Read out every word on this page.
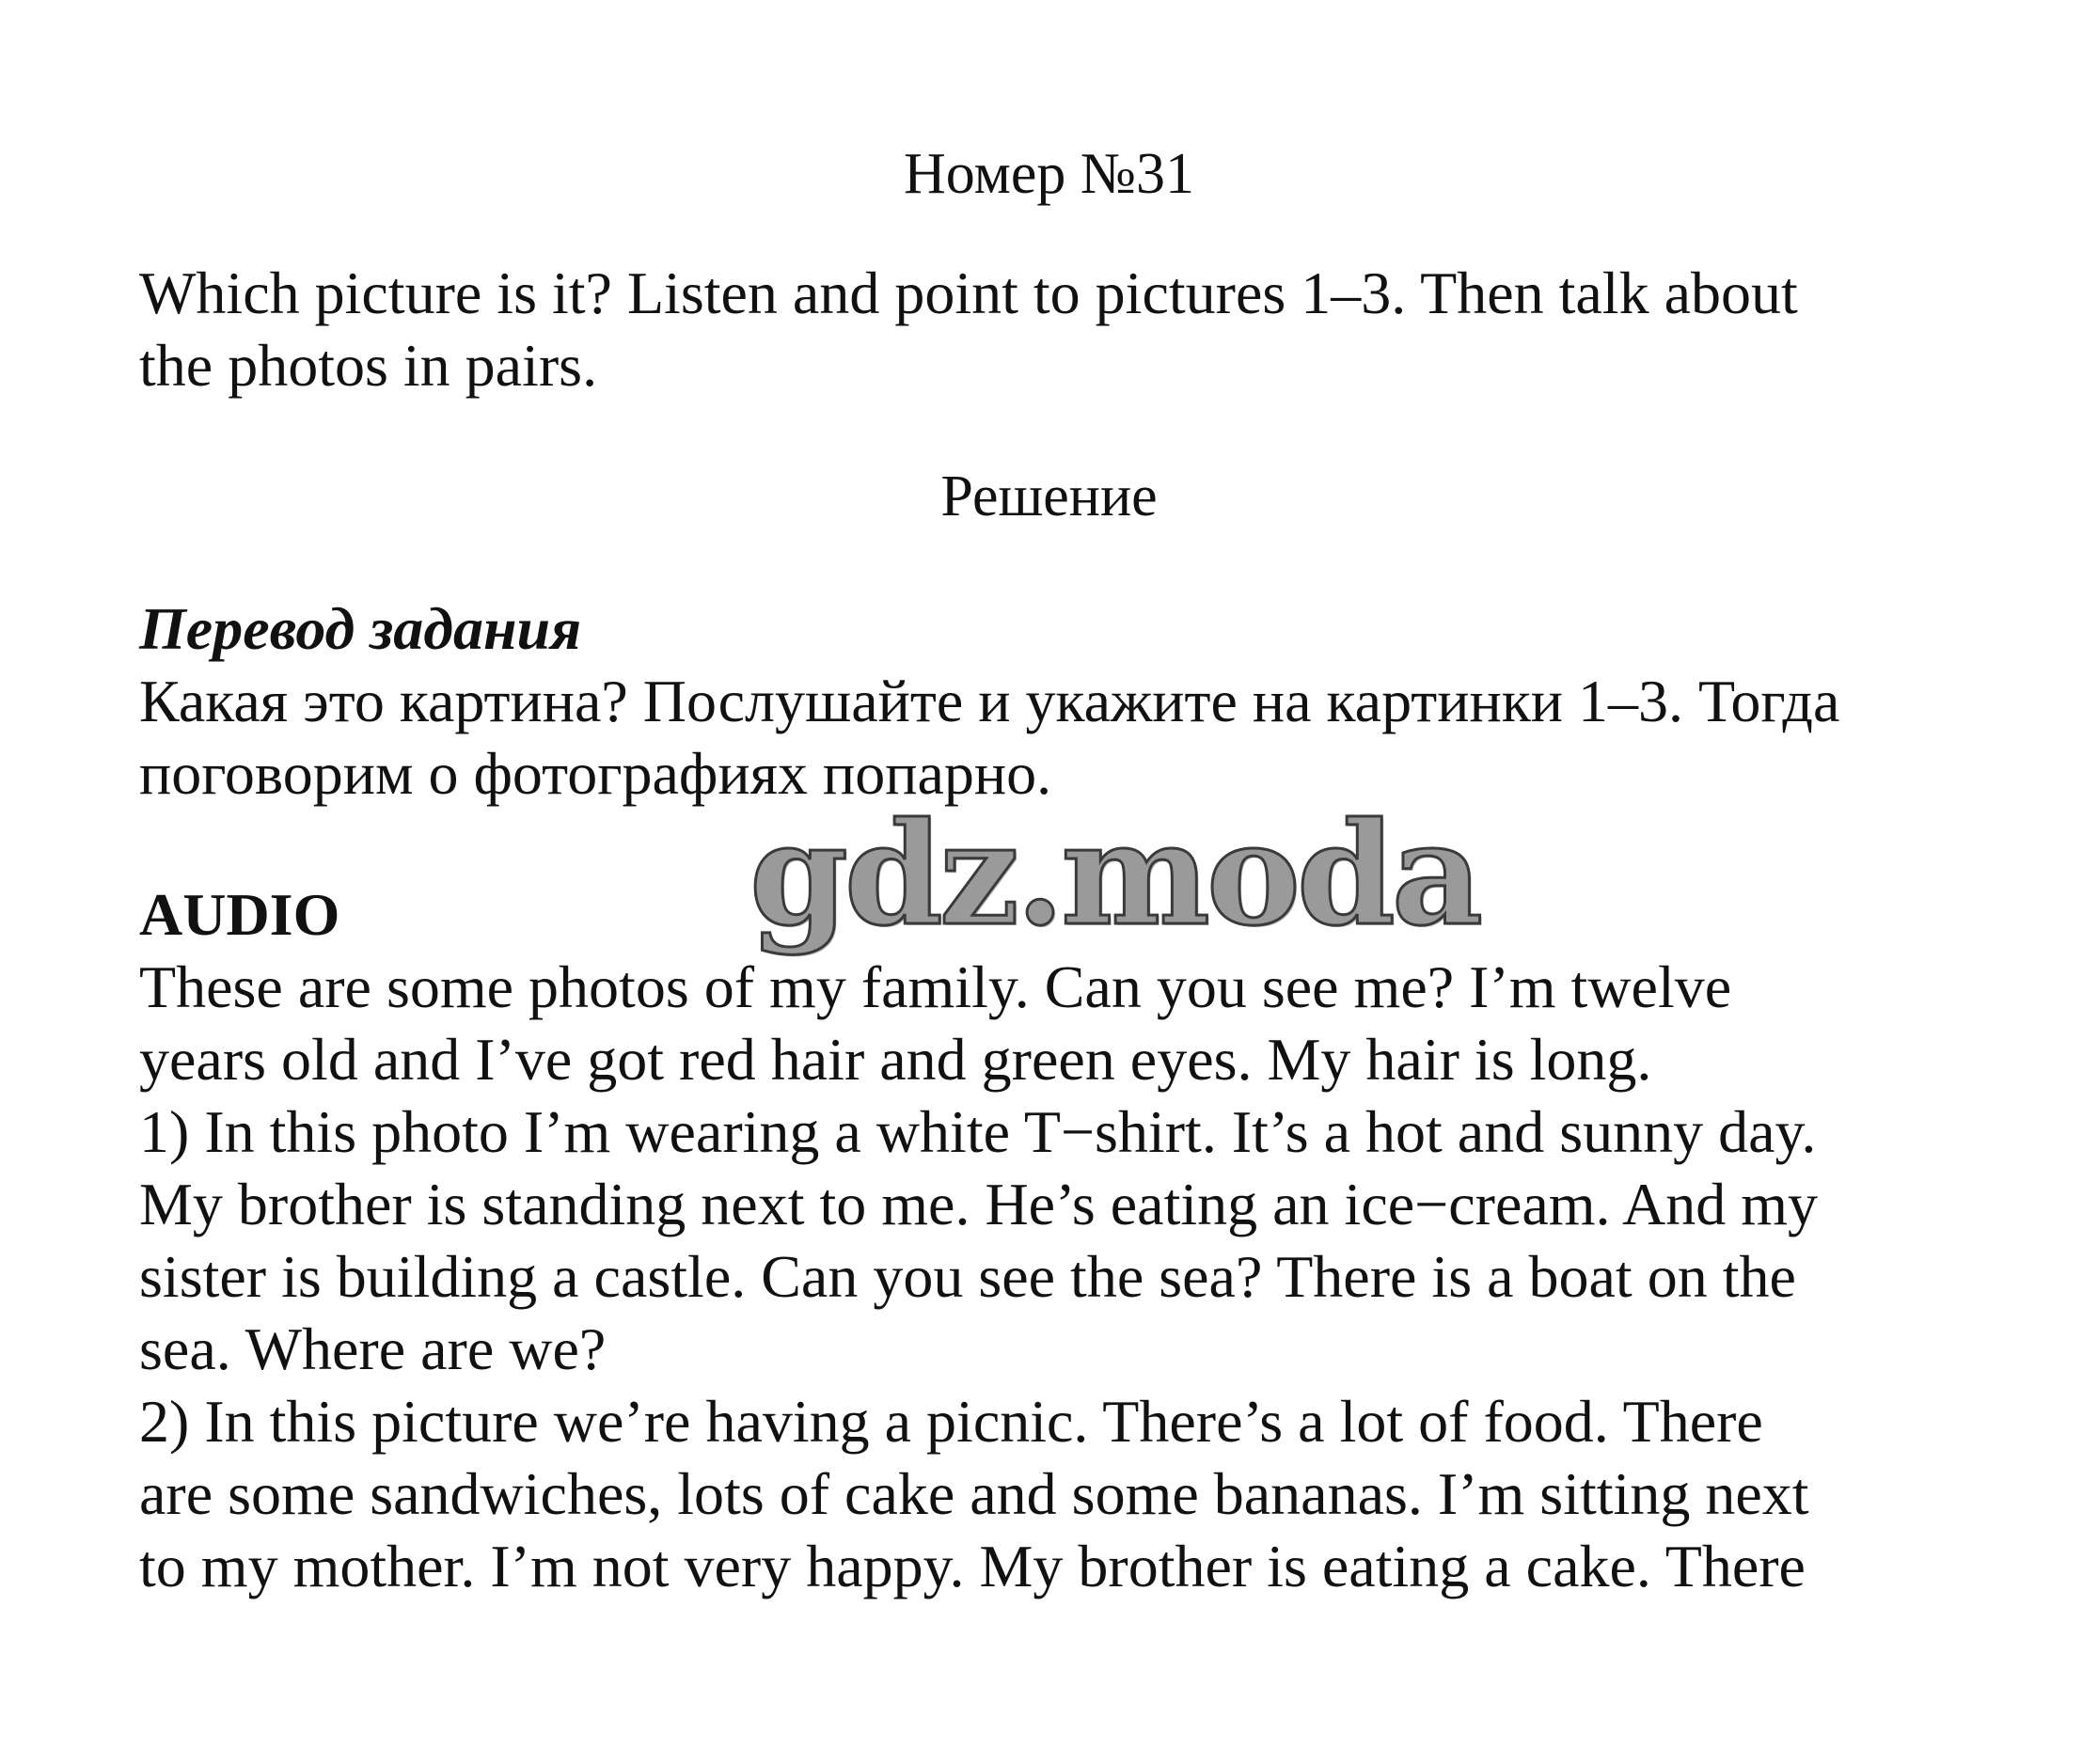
Номер №31
Which picture is it? Listen and point to pictures 1–3. Then talk about
the photos in pairs.
Решение
Перевод задания
Какая это картина? Послушайте и укажите на картинки 1–3. Тогда
поговорим о фотографиях попарно.
gdz.moda
AUDIO
These are some photos of my family. Can you see me? I’m twelve
years old and I’ve got red hair and green eyes. My hair is long.
1) In this photo I’m wearing a white T−shirt. It’s a hot and sunny day.
My brother is standing next to me. He’s eating an ice−cream. And my
sister is building a castle. Can you see the sea? There is a boat on the
sea. Where are we?
2) In this picture we’re having a picnic. There’s a lot of food. There
are some sandwiches, lots of cake and some bananas. I’m sitting next
to my mother. I’m not very happy. My brother is eating a cake. There
